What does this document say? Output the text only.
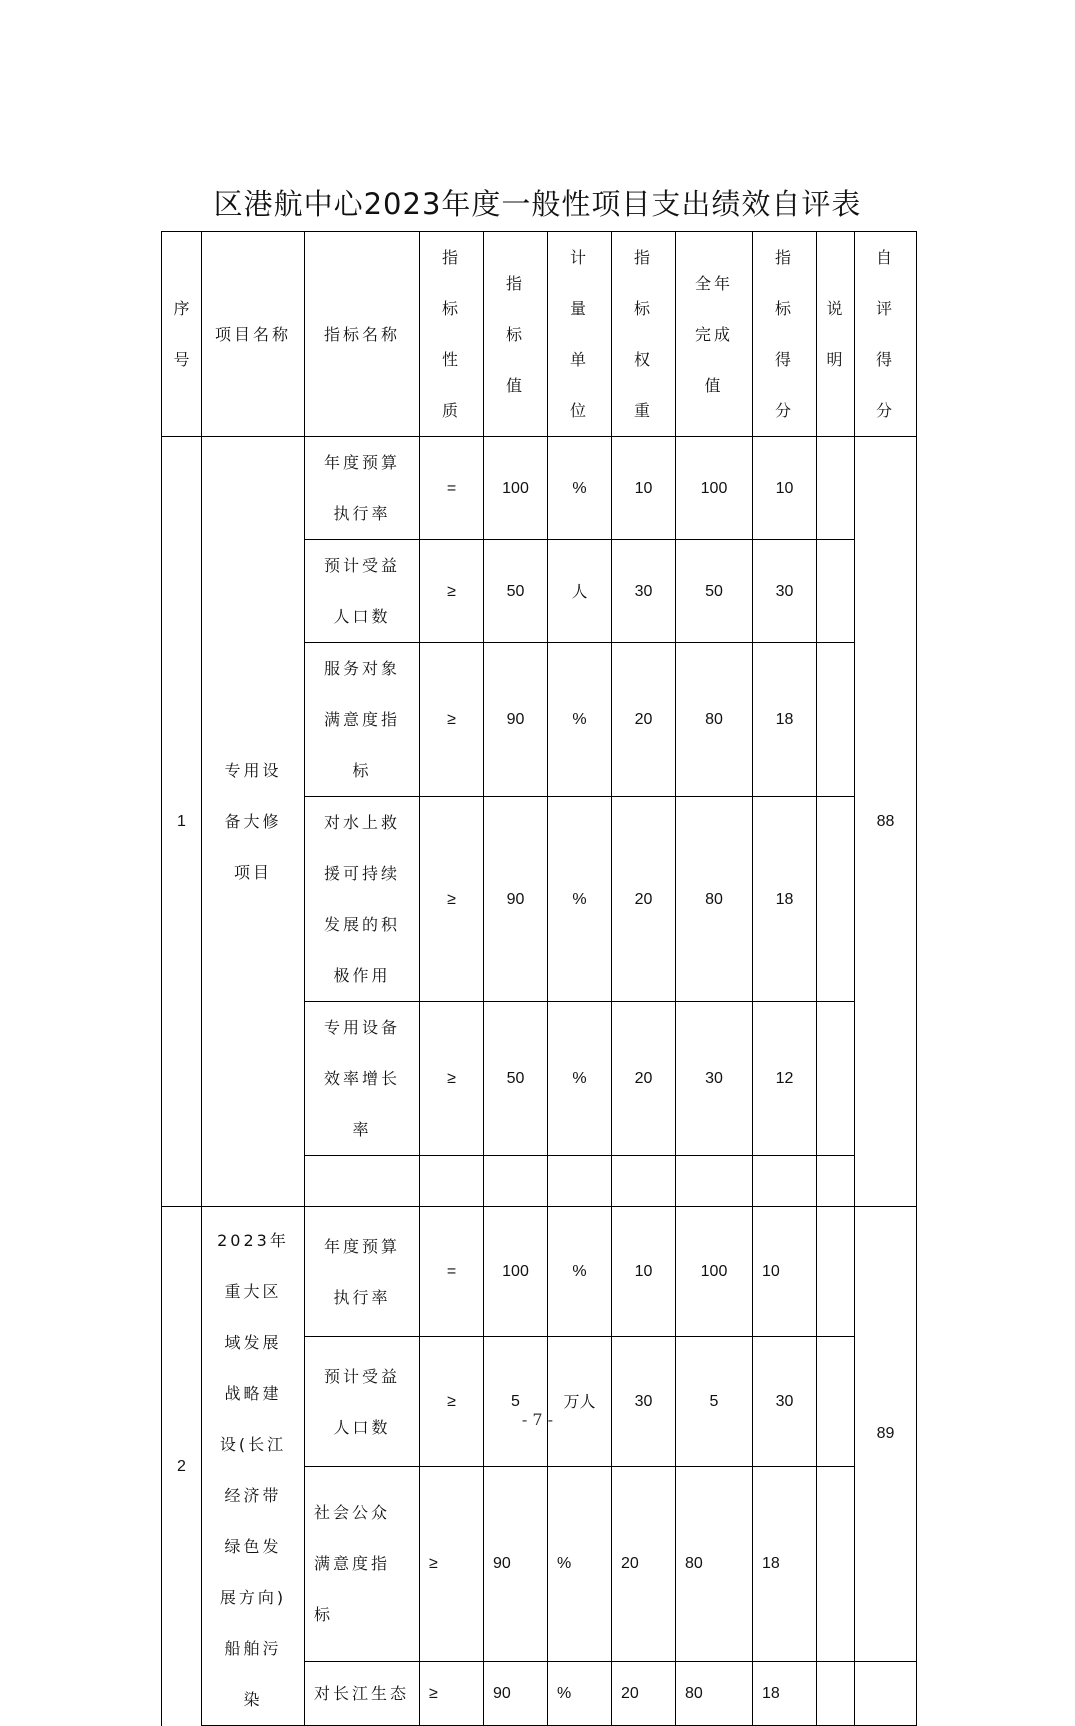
区港航中心2023年度一般性项目支出绩效自评表
序号	项目名称	指标名称	指标性质	指标值	计量单位	指标权重	全年完成值	指标得分	说明	自评得分

1	专用设备大修项目	年度预算执行率	=	100	%	10	100	10		88

		预计受益人口数	≥	50	人	30	50	30		

		服务对象满意度指标	≥	90	%	20	80	18		

		对水上救援可持续发展的积极作用	≥	90	%	20	80	18		

		专用设备效率增长率	≥	50	%	20	30	12		

2	2023年重大区域发展战略建设(长江经济带绿色发展方向)船舶污染	年度预算执行率	=	100	%	10	100	10		89

		预计受益人口数	≥	5	万人	30	5	30		

		社会公众满意度指标	≥	90	%	20	80	18		
		对长江生态	≥	90	%	20	80	18		
- 7 -
